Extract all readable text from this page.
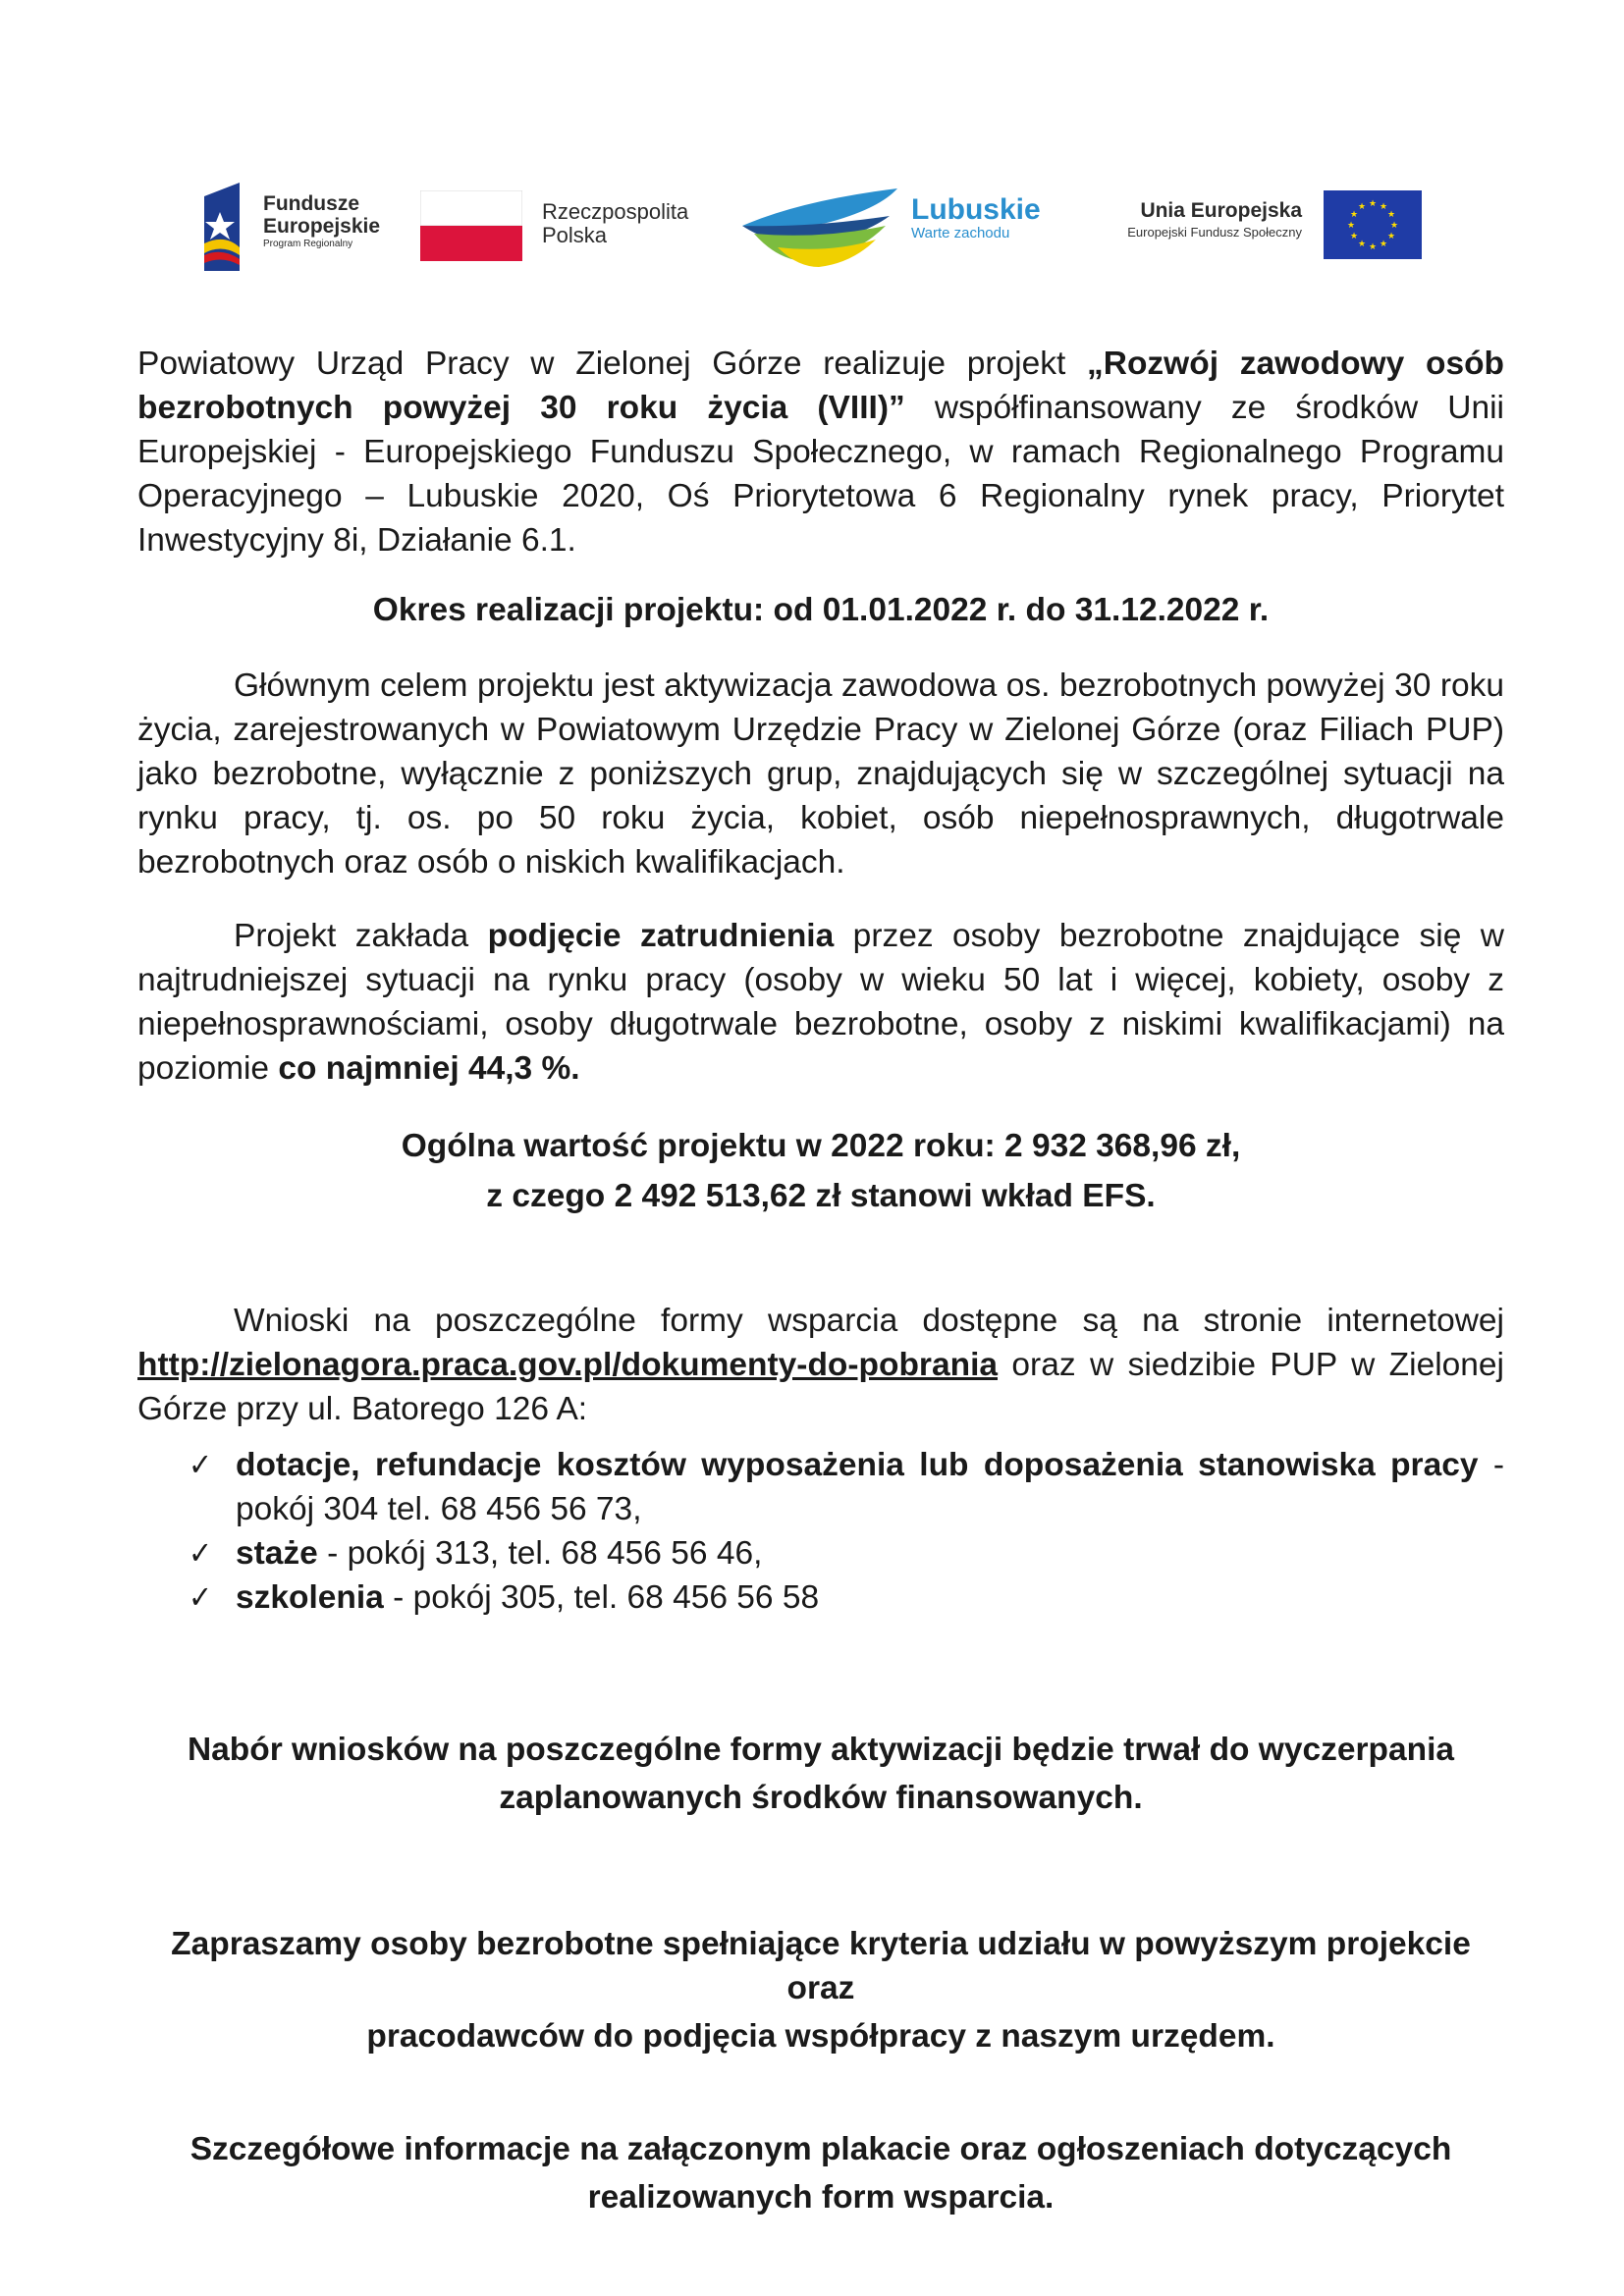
Fundusze
Europejskie
Program Regionalny
Rzeczpospolita
Polska
Lubuskie
Warte zachodu
Unia Europejska
Europejski Fundusz Społeczny
★ ★
★
★
★
★
★
★
★
★
★
★

Powiatowy Urząd Pracy w Zielonej Górze realizuje projekt „Rozwój zawodowy osób bezrobotnych powyżej 30 roku życia (VIII)” współfinansowany ze środków Unii Europejskiej - Europejskiego Funduszu Społecznego, w ramach Regionalnego Programu Operacyjnego – Lubuskie 2020, Oś Priorytetowa 6 Regionalny rynek pracy, Priorytet Inwestycyjny 8i, Działanie 6.1.

Okres realizacji projektu: od 01.01.2022 r. do 31.12.2022 r.

Głównym celem projektu jest aktywizacja zawodowa os. bezrobotnych powyżej 30 roku życia, zarejestrowanych w Powiatowym Urzędzie Pracy w Zielonej Górze (oraz Filiach PUP) jako bezrobotne, wyłącznie z poniższych grup, znajdujących się w szczególnej sytuacji na rynku pracy, tj. os. po 50 roku życia, kobiet, osób niepełnosprawnych, długotrwale bezrobotnych oraz osób o niskich kwalifikacjach.

Projekt zakłada podjęcie zatrudnienia przez osoby bezrobotne znajdujące się w najtrudniejszej sytuacji na rynku pracy (osoby w wieku 50 lat i więcej, kobiety, osoby z niepełnosprawnościami, osoby długotrwale bezrobotne, osoby z niskimi kwalifikacjami) na poziomie co najmniej 44,3 %.

Ogólna wartość projektu w 2022 roku: 2 932 368,96 zł,

z czego 2 492 513,62 zł stanowi wkład EFS.

Wnioski na poszczególne formy wsparcia dostępne są na stronie internetowej http://zielonagora.praca.gov.pl/dokumenty-do-pobrania oraz w siedzibie PUP w Zielonej Górze przy ul. Batorego 126 A:

✓ dotacje, refundacje kosztów wyposażenia lub doposażenia stanowiska pracy - pokój 304 tel. 68 456 56 73,
✓ staże - pokój 313, tel. 68 456 56 46,
✓ szkolenia - pokój 305, tel. 68 456 56 58

Nabór wniosków na poszczególne formy aktywizacji będzie trwał do wyczerpania

zaplanowanych środków finansowanych.

Zapraszamy osoby bezrobotne spełniające kryteria udziału w powyższym projekcie oraz

pracodawców do podjęcia współpracy z naszym urzędem.

Szczegółowe informacje na załączonym plakacie oraz ogłoszeniach dotyczących

realizowanych form wsparcia.
